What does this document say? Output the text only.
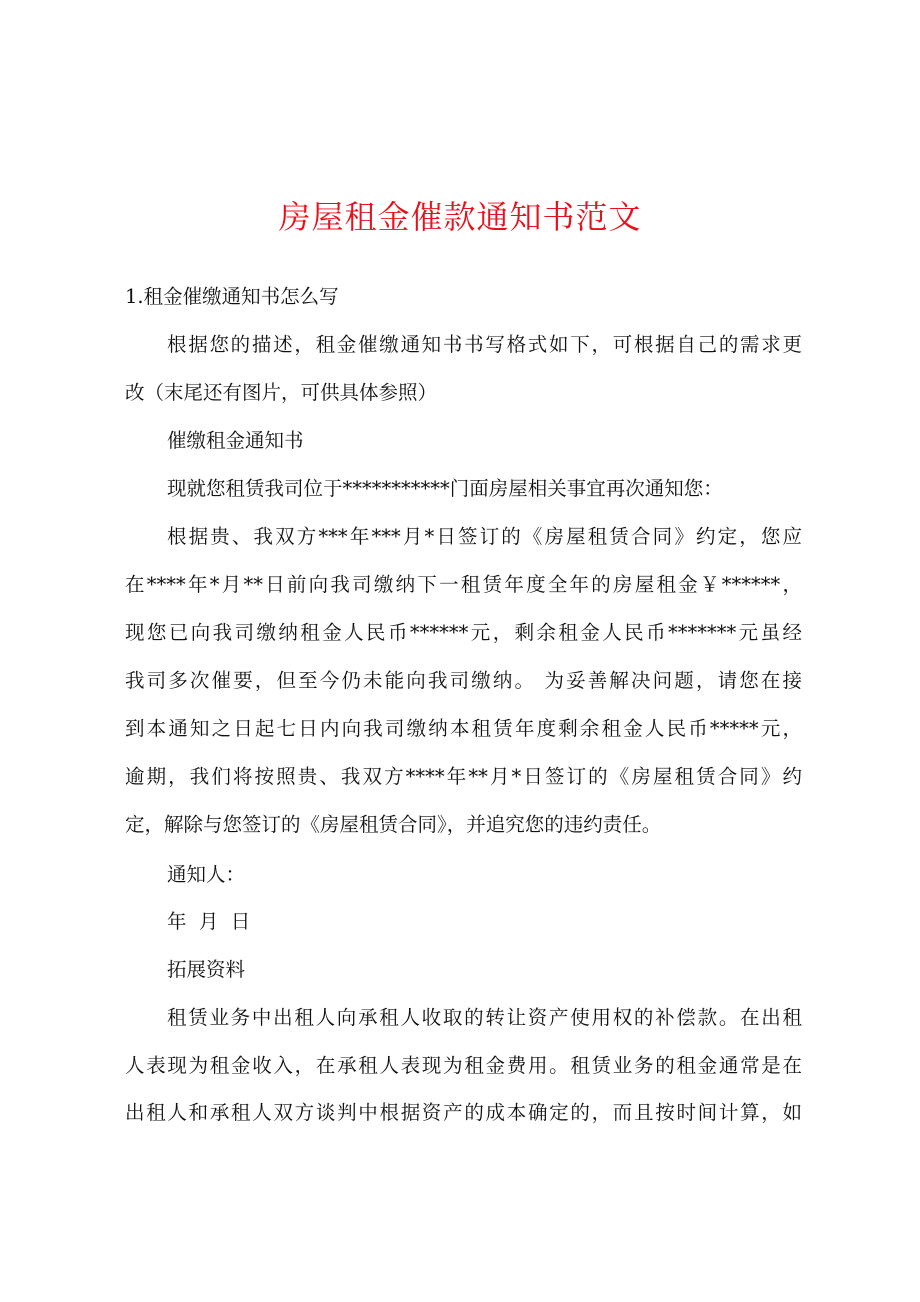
房屋租金催款通知书范文
1.租金催缴通知书怎么写
根据您的描述，租金催缴通知书书写格式如下，可根据自己的需求更
改（末尾还有图片，可供具体参照）
催缴租金通知书
现就您租赁我司位于***********门面房屋相关事宜再次通知您：
根据贵、我双方***年***月*日签订的《房屋租赁合同》约定，您应
在****年*月**日前向我司缴纳下一租赁年度全年的房屋租金￥******，
现您已向我司缴纳租金人民币******元，剩余租金人民币*******元虽经
我司多次催要，但至今仍未能向我司缴纳。 为妥善解决问题，请您在接
到本通知之日起七日内向我司缴纳本租赁年度剩余租金人民币*****元，
逾期，我们将按照贵、我双方****年**月*日签订的《房屋租赁合同》约
定，解除与您签订的《房屋租赁合同》，并追究您的违约责任。
通知人：
年  月  日
拓展资料
租赁业务中出租人向承租人收取的转让资产使用权的补偿款。在出租
人表现为租金收入，在承租人表现为租金费用。租赁业务的租金通常是在
出租人和承租人双方谈判中根据资产的成本确定的，而且按时间计算，如
